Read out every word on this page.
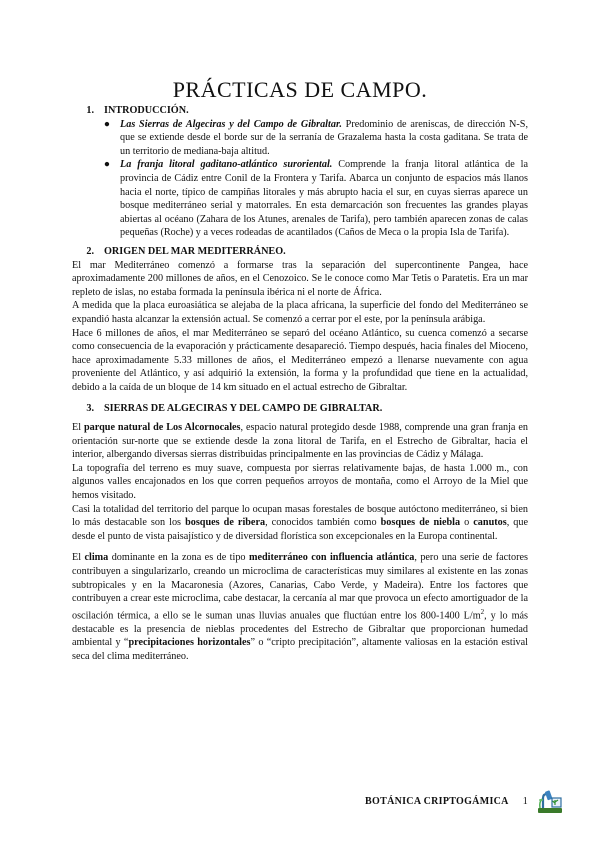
PRÁCTICAS DE CAMPO.
1. INTRODUCCIÓN.
● Las Sierras de Algeciras y del Campo de Gibraltar. Predominio de areniscas, de dirección N-S, que se extiende desde el borde sur de la serranía de Grazalema hasta la costa gaditana. Se trata de un territorio de mediana-baja altitud.

● La franja litoral gaditano-atlántico suroriental. Comprende la franja litoral atlántica de la provincia de Cádiz entre Conil de la Frontera y Tarifa. Abarca un conjunto de espacios más llanos hacia el norte, típico de campiñas litorales y más abrupto hacia el sur, en cuyas sierras aparece un bosque mediterráneo serial y matorrales. En esta demarcación son frecuentes las grandes playas abiertas al océano (Zahara de los Atunes, arenales de Tarifa), pero también aparecen zonas de calas pequeñas (Roche) y a veces rodeadas de acantilados (Caños de Meca o la propia Isla de Tarifa).

2. ORIGEN DEL MAR MEDITERRÁNEO.

El mar Mediterráneo comenzó a formarse tras la separación del supercontinente Pangea, hace aproximadamente 200 millones de años, en el Cenozoico. Se le conoce como Mar Tetis o Paratetis. Era un mar repleto de islas, no estaba formada la península ibérica ni el norte de África.

A medida que la placa euroasiática se alejaba de la placa africana, la superficie del fondo del Mediterráneo se expandió hasta alcanzar la extensión actual. Se comenzó a cerrar por el este, por la península arábiga.

Hace 6 millones de años, el mar Mediterráneo se separó del océano Atlántico, su cuenca comenzó a secarse como consecuencia de la evaporación y prácticamente desapareció. Tiempo después, hacia finales del Mioceno, hace aproximadamente 5.33 millones de años, el Mediterráneo empezó a llenarse nuevamente con agua proveniente del Atlántico, y así adquirió la extensión, la forma y la profundidad que tiene en la actualidad, debido a la caída de un bloque de 14 km situado en el actual estrecho de Gibraltar.

3. SIERRAS DE ALGECIRAS Y DEL CAMPO DE GIBRALTAR.

El parque natural de Los Alcornocales, espacio natural protegido desde 1988, comprende una gran franja en orientación sur-norte que se extiende desde la zona litoral de Tarifa, en el Estrecho de Gibraltar, hacia el interior, albergando diversas sierras distribuidas principalmente en las provincias de Cádiz y Málaga.

La topografía del terreno es muy suave, compuesta por sierras relativamente bajas, de hasta 1.000 m., con algunos valles encajonados en los que corren pequeños arroyos de montaña, como el Arroyo de la Miel que hemos visitado.

Casi la totalidad del territorio del parque lo ocupan masas forestales de bosque autóctono mediterráneo, si bien lo más destacable son los bosques de ribera, conocidos también como bosques de niebla o canutos, que desde el punto de vista paisajístico y de diversidad florística son excepcionales en la Europa continental.

El clima dominante en la zona es de tipo mediterráneo con influencia atlántica, pero una serie de factores contribuyen a singularizarlo, creando un microclima de características muy similares al existente en las zonas subtropicales y en la Macaronesia (Azores, Canarias, Cabo Verde, y Madeira). Entre los factores que contribuyen a crear este microclima, cabe destacar, la cercanía al mar que provoca un efecto amortiguador de la oscilación térmica, a ello se le suman unas lluvias anuales que fluctúan entre los 800-1400 $L/m^2$, y lo más destacable es la presencia de nieblas procedentes del Estrecho de Gibraltar que proporcionan humedad ambiental y “precipitaciones horizontales” o “cripto precipitación”, altamente valiosas en la estación estival seca del clima mediterráneo.

BOTÁNICA CRIPTOGÁMICA 1
